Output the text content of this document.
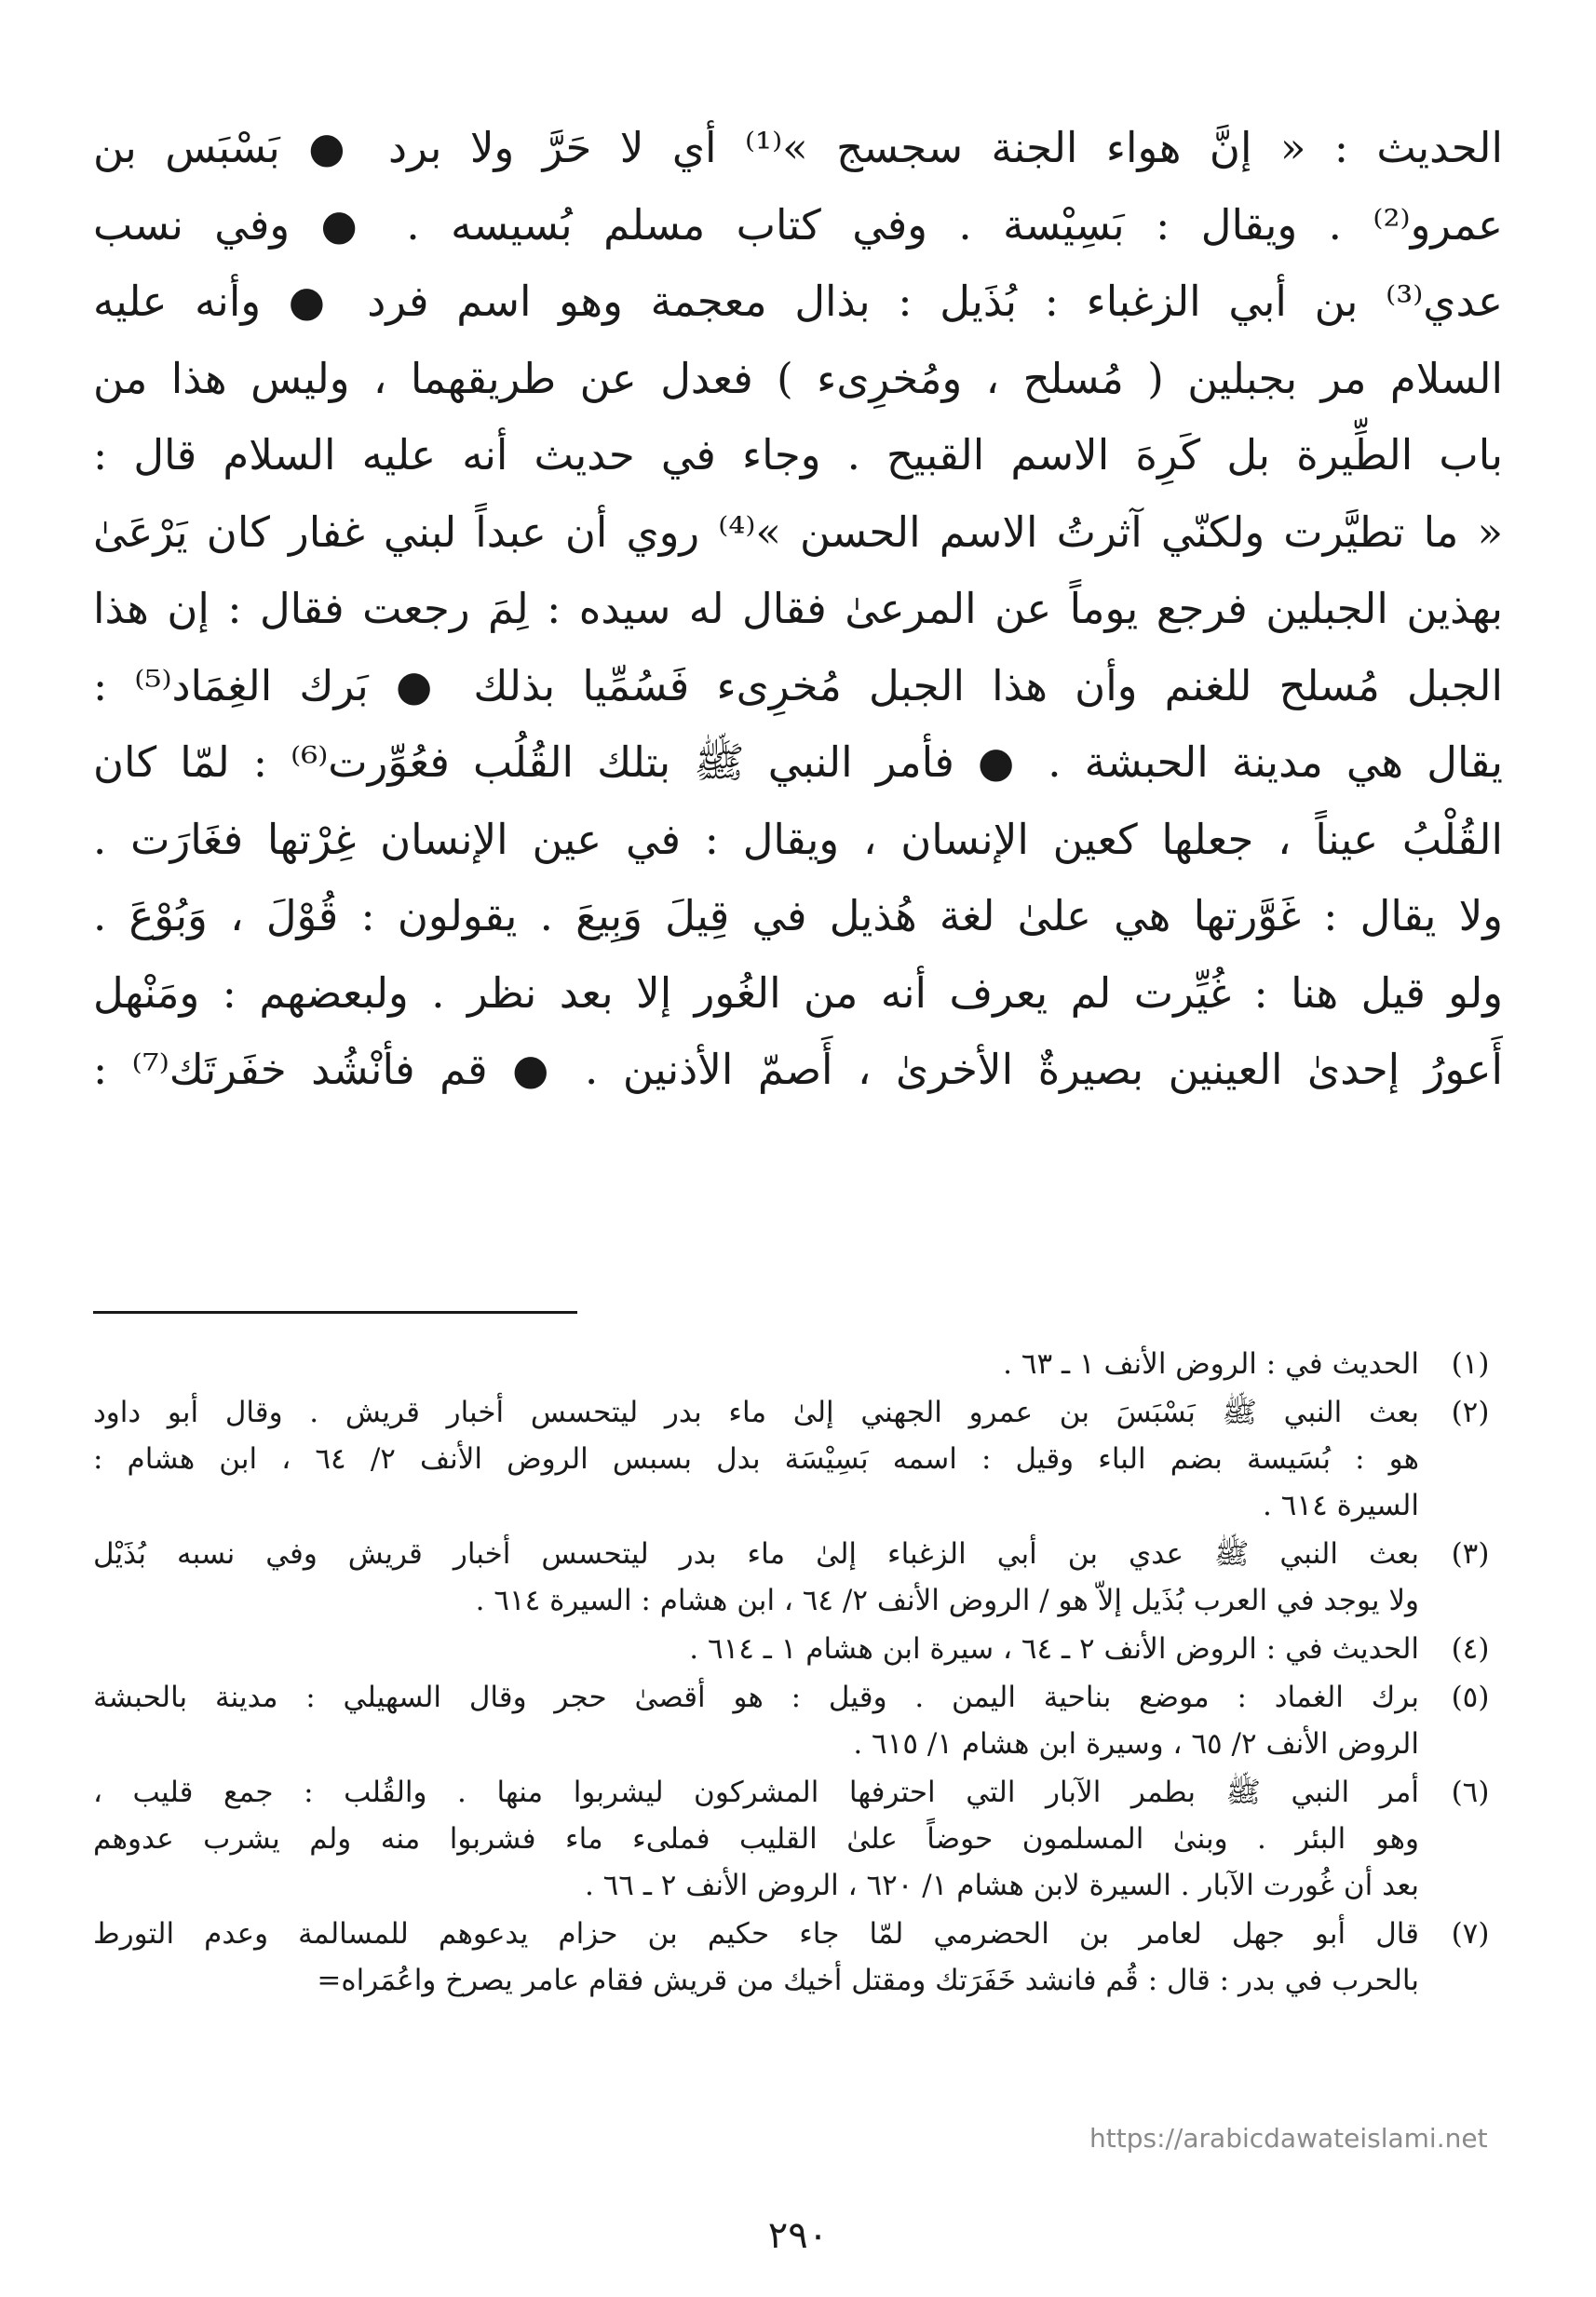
الحديث : « إنَّ هواء الجنة سجسج »⁽¹⁾ أي لا حَرَّ ولا برد ● بَسْبَس بن
عمرو⁽²⁾ . ويقال : بَسِيْسة . وفي كتاب مسلم بُسيسه . ● وفي نسب
عدي⁽³⁾ بن أبي الزغباء : بُذَيل : بذال معجمة وهو اسم فرد ● وأنه عليه
السلام مر بجبلين ( مُسلح ، ومُخرِىء ) فعدل عن طريقهما ، وليس هذا من
باب الطِّيرة بل كَرِهَ الاسم القبيح . وجاء في حديث أنه عليه السلام قال :
« ما تطيَّرت ولكنّي آثرتُ الاسم الحسن »⁽⁴⁾ روي أن عبداً لبني غفار كان يَرْعَىٰ
بهذين الجبلين فرجع يوماً عن المرعىٰ فقال له سيده : لِمَ رجعت فقال : إن هذا
الجبل مُسلح للغنم وأن هذا الجبل مُخرِىء فَسُمِّيا بذلك ● بَرك الغِمَاد⁽⁵⁾ :
يقال هي مدينة الحبشة . ● فأمر النبي ﷺ بتلك القُلُب فعُوِّرت⁽⁶⁾ : لمّا كان
القُلْبُ عيناً ، جعلها كعين الإنسان ، ويقال : في عين الإنسان غِرْتها فغَارَت .
ولا يقال : غَوَّرتها هي علىٰ لغة هُذيل في قِيلَ وَبِيعَ . يقولون : قُوْلَ ، وَبُوْعَ .
ولو قيل هنا : غُيِّرت لم يعرف أنه من الغُور إلا بعد نظر . ولبعضهم : ومَنْهل
أَعورُ إحدىٰ العينين بصيرةٌ الأخرىٰ ، أَصمّ الأذنين . ● قم فأنْشُد خفَرتَك⁽⁷⁾ :
(١)
الحديث في : الروض الأنف ١ ـ ٦٣ .
(٢)
بعث النبي ﷺ بَسْبَسَ بن عمرو الجهني إلىٰ ماء بدر ليتحسس أخبار قريش . وقال أبو داود
هو : بُسَيسة بضم الباء وقيل : اسمه بَسِيْسَة بدل بسبس الروض الأنف ٢/ ٦٤ ، ابن هشام :
السيرة ٦١٤ .
(٣)
بعث النبي ﷺ عدي بن أبي الزغباء إلىٰ ماء بدر ليتحسس أخبار قريش وفي نسبه بُذَيْل
ولا يوجد في العرب بُذَيل إلاّ هو / الروض الأنف ٢/ ٦٤ ، ابن هشام : السيرة ٦١٤ .
(٤)
الحديث في : الروض الأنف ٢ ـ ٦٤ ، سيرة ابن هشام ١ ـ ٦١٤ .
(٥)
برك الغماد : موضع بناحية اليمن . وقيل : هو أقصىٰ حجر وقال السهيلي : مدينة بالحبشة
الروض الأنف ٢/ ٦٥ ، وسيرة ابن هشام ١/ ٦١٥ .
(٦)
أمر النبي ﷺ بطمر الآبار التي احترفها المشركون ليشربوا منها . والقُلب : جمع قليب ،
وهو البئر . وبنىٰ المسلمون حوضاً علىٰ القليب فملىء ماء فشربوا منه ولم يشرب عدوهم
بعد أن غُورت الآبار . السيرة لابن هشام ١/ ٦٢٠ ، الروض الأنف ٢ ـ ٦٦ .
(٧)
قال أبو جهل لعامر بن الحضرمي لمّا جاء حكيم بن حزام يدعوهم للمسالمة وعدم التورط
بالحرب في بدر : قال : قُم فانشد خَفَرَتك ومقتل أخيك من قريش فقام عامر يصرخ واعُمَراه=
https://arabicdawateislami.net
٢٩٠
